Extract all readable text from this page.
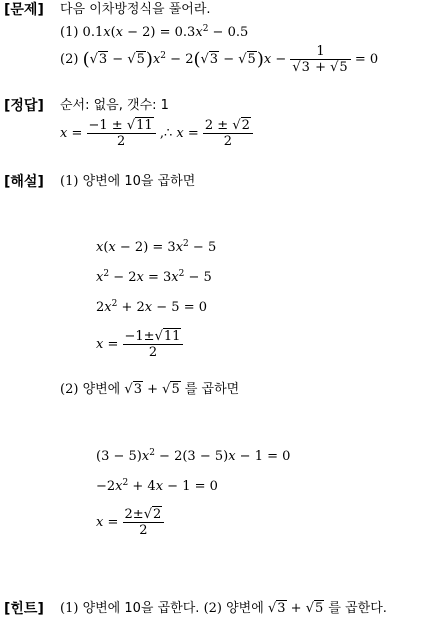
[문제] 다음 이차방정식을 풀어라.
(1) $0.1x(x - 2) = 0.3x^2 - 0.5$
(2) $(√3 - √5)x^2 - 2(√3 - √5)x - \frac{1}{√3 + √5} = 0$
[정답] 순서: 없음, 갯수: 1
$x = \frac{-1 \pm √11}{2}$ ,∴ $x = \frac{2 \pm √2}{2}$
[해설] (1) 양변에 10을 곱하면
$x(x - 2) = 3x^2 - 5$
$x^2 - 2x = 3x^2 - 5$
$2x^2 + 2x - 5 = 0$
$x = \frac{-1\pm√11}{2}$
(2) 양변에 √3 + √5 를 곱하면
$(3 - 5)x^2 - 2(3 - 5)x - 1 = 0$
$-2x^2 + 4x - 1 = 0$
$x = \frac{2\pm√2}{2}$
[힌트] (1) 양변에 10을 곱한다. (2) 양변에 √3 + √5 를 곱한다.
